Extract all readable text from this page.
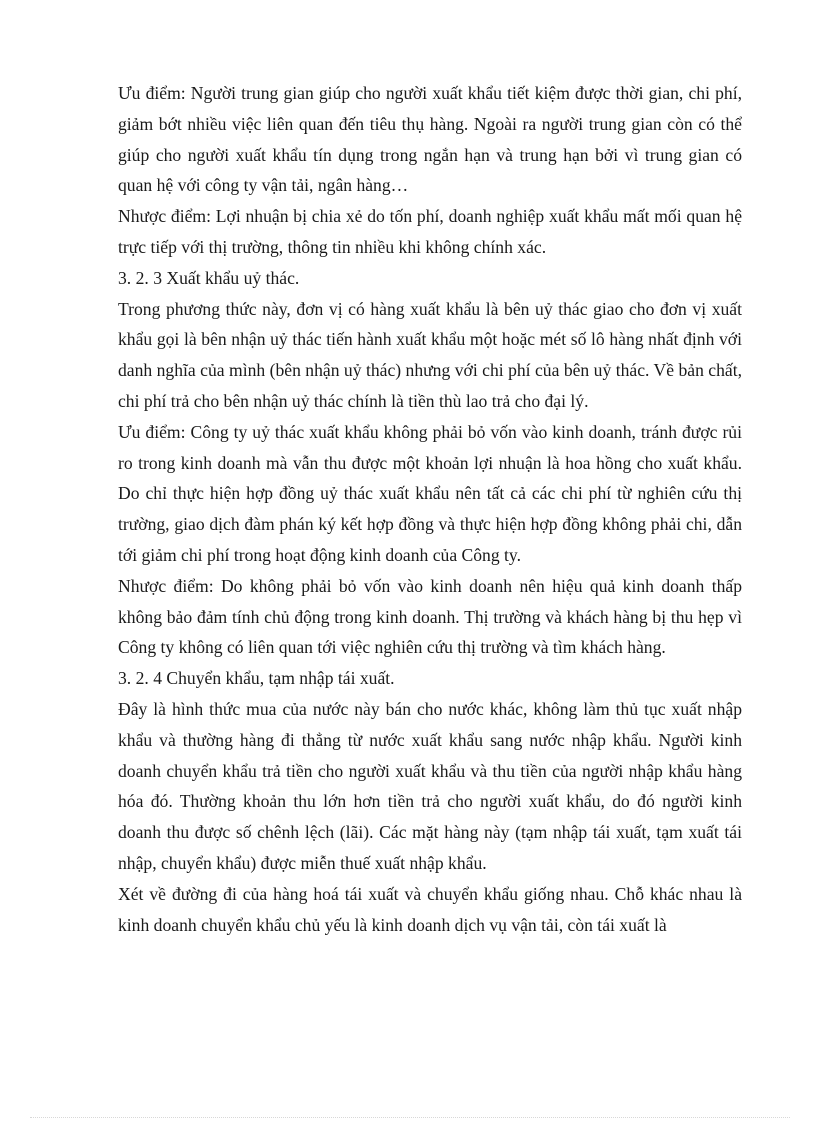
Ưu điểm: Người trung gian giúp cho người xuất khẩu tiết kiệm được thời gian, chi phí, giảm bớt nhiều việc liên quan đến tiêu thụ hàng. Ngoài ra người trung gian còn có thể giúp cho người xuất khẩu tín dụng trong ngắn hạn và trung hạn bởi vì trung gian có quan hệ với công ty vận tải, ngân hàng…

Nhược điểm: Lợi nhuận bị chia xẻ do tốn phí, doanh nghiệp xuất khẩu mất mối quan hệ trực tiếp với thị trường, thông tin nhiều khi không chính xác.

3. 2. 3 Xuất khẩu uỷ thác.

Trong phương thức này, đơn vị có hàng xuất khẩu là bên uỷ thác giao cho đơn vị xuất khẩu gọi là bên nhận uỷ thác tiến hành xuất khẩu một hoặc mét số lô hàng nhất định với danh nghĩa của mình (bên nhận uỷ thác) nhưng với chi phí của bên uỷ thác. Về bản chất, chi phí trả cho bên nhận uỷ thác chính là tiền thù lao trả cho đại lý.

Ưu điểm: Công ty uỷ thác xuất khẩu không phải bỏ vốn vào kinh doanh, tránh được rủi ro trong kinh doanh mà vẫn thu được một khoản lợi nhuận là hoa hồng cho xuất khẩu. Do chỉ thực hiện hợp đồng uỷ thác xuất khẩu nên tất cả các chi phí từ nghiên cứu thị trường, giao dịch đàm phán ký kết hợp đồng và thực hiện hợp đồng không phải chi, dẫn tới giảm chi phí trong hoạt động kinh doanh của Công ty.

Nhược điểm: Do không phải bỏ vốn vào kinh doanh nên hiệu quả kinh doanh thấp không bảo đảm tính chủ động trong kinh doanh. Thị trường và khách hàng bị thu hẹp vì Công ty không có liên quan tới việc nghiên cứu thị trường và tìm khách hàng.

3. 2. 4 Chuyển khẩu, tạm nhập tái xuất.

Đây là hình thức mua của nước này bán cho nước khác, không làm thủ tục xuất nhập khẩu và thường hàng đi thẳng từ nước xuất khẩu sang nước nhập khẩu. Người kinh doanh chuyển khẩu trả tiền cho người xuất khẩu và thu tiền của người nhập khẩu hàng hóa đó. Thường khoản thu lớn hơn tiền trả cho người xuất khẩu, do đó người kinh doanh thu được số chênh lệch (lãi). Các mặt hàng này (tạm nhập tái xuất, tạm xuất tái nhập, chuyển khẩu) được miễn thuế xuất nhập khẩu.

Xét về đường đi của hàng hoá tái xuất và chuyển khẩu giống nhau. Chỗ khác nhau là kinh doanh chuyển khẩu chủ yếu là kinh doanh dịch vụ vận tải, còn tái xuất là
